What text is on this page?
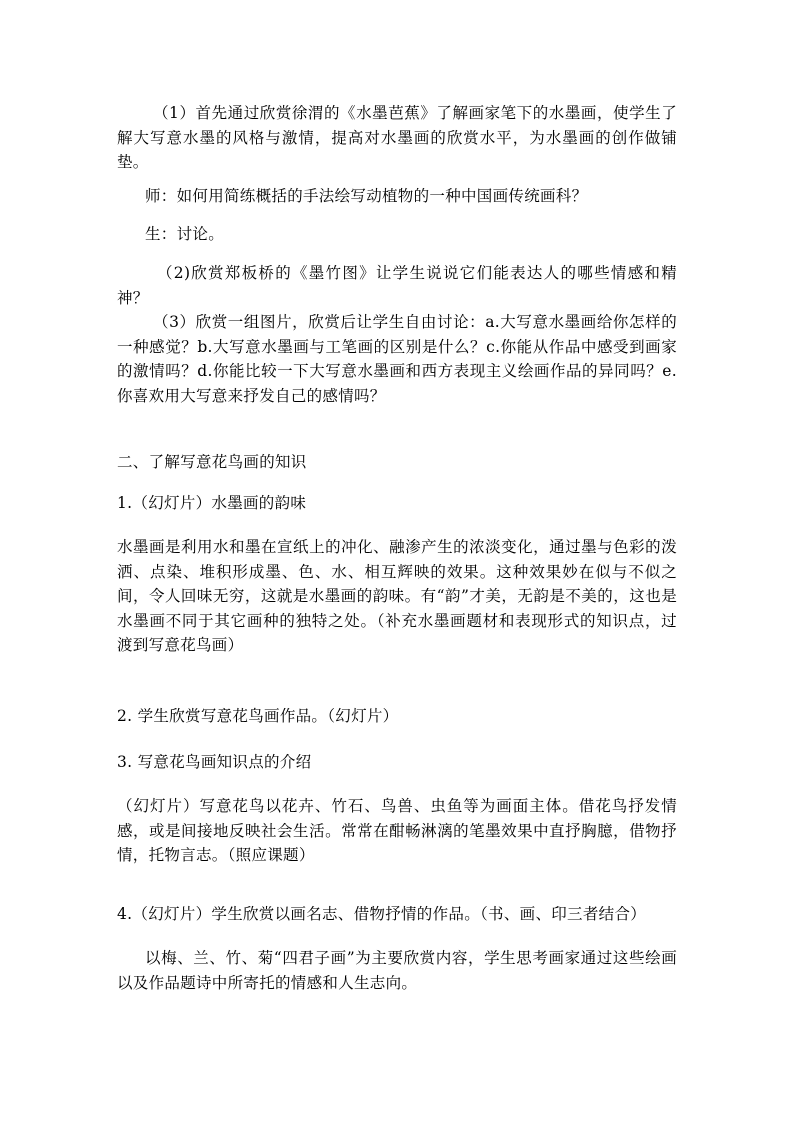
（1）首先通过欣赏徐渭的《水墨芭蕉》了解画家笔下的水墨画，使学生了解大写意水墨的风格与激情，提高对水墨画的欣赏水平，为水墨画的创作做铺垫。

师：如何用简练概括的手法绘写动植物的一种中国画传统画科？

生：讨论。

（2)欣赏郑板桥的《墨竹图》让学生说说它们能表达人的哪些情感和精神？

（3）欣赏一组图片，欣赏后让学生自由讨论：a.大写意水墨画给你怎样的一种感觉？b.大写意水墨画与工笔画的区别是什么？c.你能从作品中感受到画家的激情吗？d.你能比较一下大写意水墨画和西方表现主义绘画作品的异同吗？e.你喜欢用大写意来抒发自己的感情吗？

二、了解写意花鸟画的知识

1.（幻灯片）水墨画的韵味

水墨画是利用水和墨在宣纸上的冲化、融渗产生的浓淡变化，通过墨与色彩的泼洒、点染、堆积形成墨、色、水、相互辉映的效果。这种效果妙在似与不似之间，令人回味无穷，这就是水墨画的韵味。有“韵”才美，无韵是不美的，这也是水墨画不同于其它画种的独特之处。（补充水墨画题材和表现形式的知识点，过渡到写意花鸟画）

2. 学生欣赏写意花鸟画作品。（幻灯片）

3. 写意花鸟画知识点的介绍

（幻灯片）写意花鸟以花卉、竹石、鸟兽、虫鱼等为画面主体。借花鸟抒发情感，或是间接地反映社会生活。常常在酣畅淋漓的笔墨效果中直抒胸臆，借物抒情，托物言志。（照应课题）

4.（幻灯片）学生欣赏以画名志、借物抒情的作品。（书、画、印三者结合）

以梅、兰、竹、菊“四君子画”为主要欣赏内容，学生思考画家通过这些绘画以及作品题诗中所寄托的情感和人生志向。
